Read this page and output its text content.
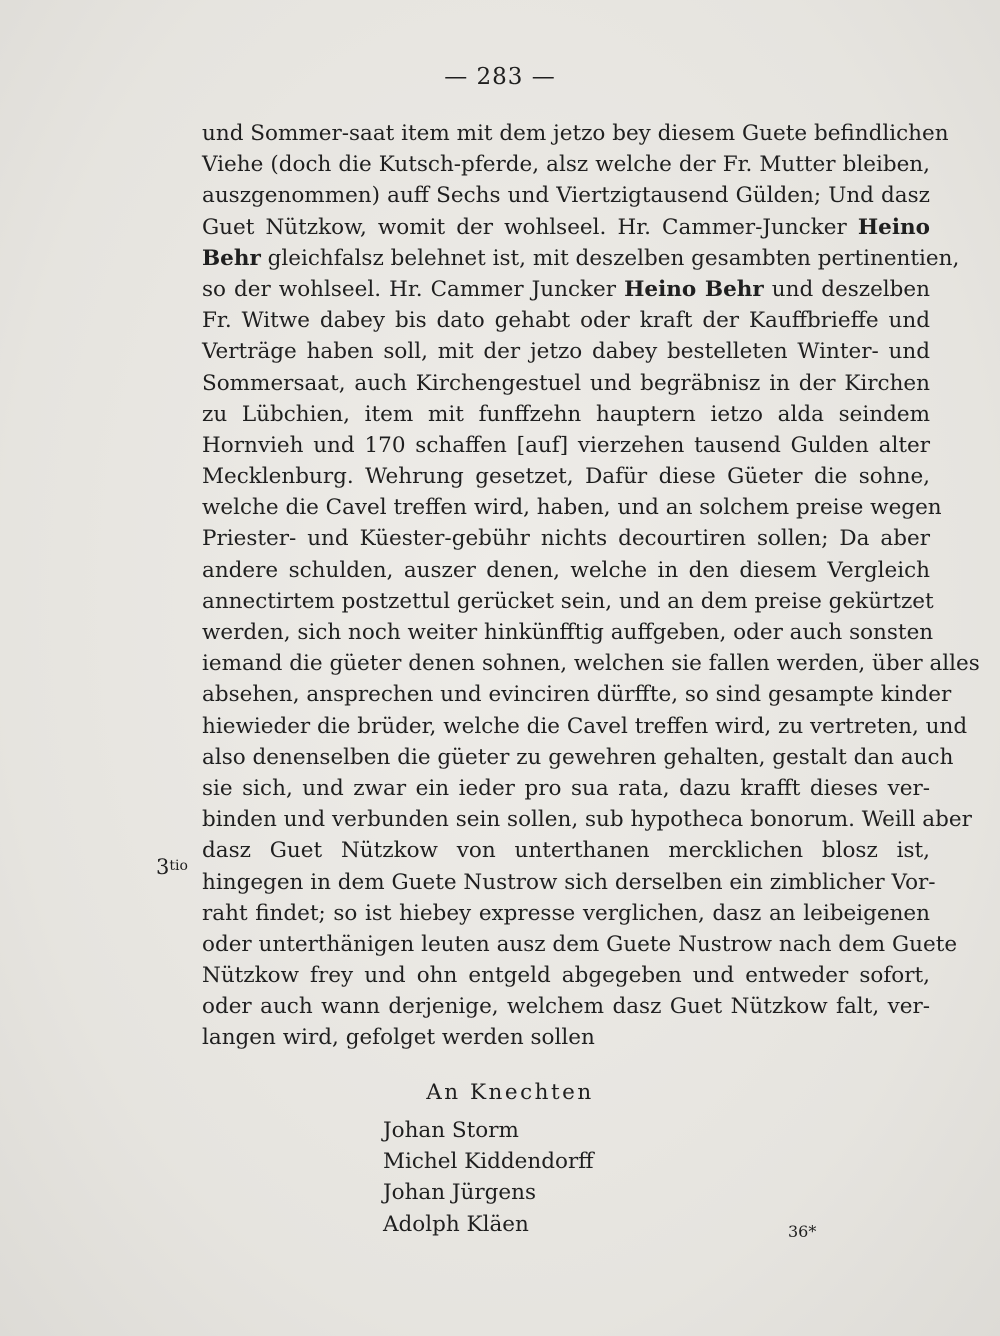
— 283 —
$3^{tio}$
und Sommer-saat item mit dem jetzo bey diesem Guete befindlichen
Viehe (doch die Kutsch-pferde, alsz welche der Fr. Mutter bleiben,
auszgenommen) auff Sechs und Viertzigtausend Gülden; Und dasz
Guet Nützkow, womit der wohlseel. Hr. Cammer-Juncker Heino
Behr gleichfalsz belehnet ist, mit deszelben gesambten pertinentien,
so der wohlseel. Hr. Cammer Juncker Heino Behr und deszelben
Fr. Witwe dabey bis dato gehabt oder kraft der Kauffbrieffe und
Verträge haben soll, mit der jetzo dabey bestelleten Winter- und
Sommersaat, auch Kirchengestuel und begräbnisz in der Kirchen
zu Lübchien, item mit funffzehn hauptern ietzo alda seindem
Hornvieh und 170 schaffen [auf] vierzehen tausend Gulden alter
Mecklenburg. Wehrung gesetzet, Dafür diese Güeter die sohne,
welche die Cavel treffen wird, haben, und an solchem preise wegen
Priester- und Küester-gebühr nichts decourtiren sollen; Da aber
andere schulden, auszer denen, welche in den diesem Vergleich
annectirtem postzettul gerücket sein, und an dem preise gekürtzet
werden, sich noch weiter hinkünfftig auffgeben, oder auch sonsten
iemand die güeter denen sohnen, welchen sie fallen werden, über alles
absehen, ansprechen und evinciren dürffte, so sind gesampte kinder
hiewieder die brüder, welche die Cavel treffen wird, zu vertreten, und
also denenselben die güeter zu gewehren gehalten, gestalt dan auch
sie sich, und zwar ein ieder pro sua rata, dazu krafft dieses ver-
binden und verbunden sein sollen, sub hypotheca bonorum. Weill aber
dasz Guet Nützkow von unterthanen mercklichen blosz ist,
hingegen in dem Guete Nustrow sich derselben ein zimblicher Vor-
raht findet; so ist hiebey expresse verglichen, dasz an leibeigenen
oder unterthänigen leuten ausz dem Guete Nustrow nach dem Guete
Nützkow frey und ohn entgeld abgegeben und entweder sofort,
oder auch wann derjenige, welchem dasz Guet Nützkow falt, ver-
langen wird, gefolget werden sollen
An Knechten
Johan Storm
Michel Kiddendorff
Johan Jürgens
Adolph Kläen	36*
